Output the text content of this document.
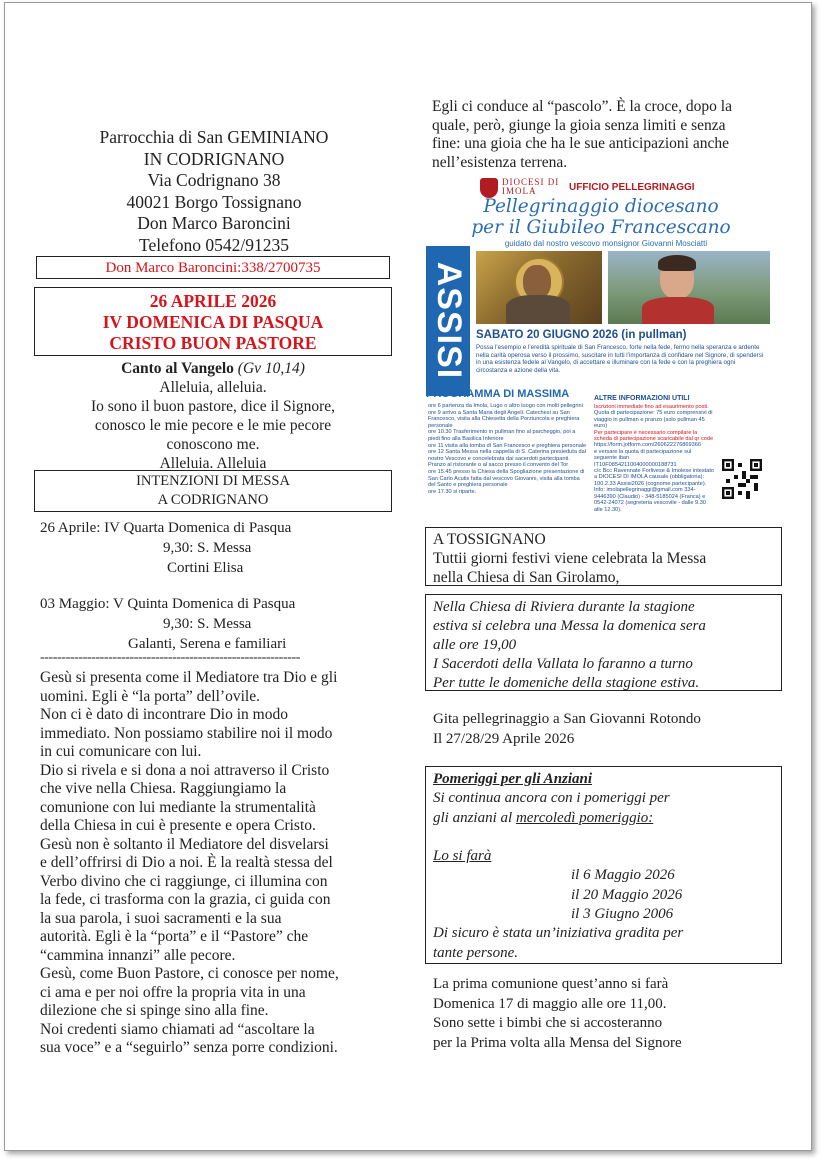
Parrocchia di San GEMINIANO
IN CODRIGNANO
Via Codrignano 38
40021 Borgo Tossignano
Don Marco Baroncini
Telefono 0542/91235
Don Marco Baroncini:338/2700735
26 APRILE 2026
IV DOMENICA DI PASQUA
CRISTO BUON PASTORE
Canto al Vangelo (Gv 10,14)
Alleluia, alleluia.
Io sono il buon pastore, dice il Signore,
conosco le mie pecore e le mie pecore
conoscono me.
Alleluia. Alleluia
INTENZIONI DI MESSA
A CODRIGNANO
26 Aprile: IV Quarta Domenica di Pasqua
9,30: S. Messa
Cortini Elisa
03 Maggio: V Quinta Domenica di Pasqua
9,30: S. Messa
Galanti, Serena e familiari
-------------------------------------------------------------
Gesù si presenta come il Mediatore tra Dio e gli
uomini. Egli è “la porta” dell’ovile.
Non ci è dato di incontrare Dio in modo
immediato. Non possiamo stabilire noi il modo
in cui comunicare con lui.
Dio si rivela e si dona a noi attraverso il Cristo
che vive nella Chiesa. Raggiungiamo la
comunione con lui mediante la strumentalità
della Chiesa in cui è presente e opera Cristo.
Gesù non è soltanto il Mediatore del disvelarsi
e dell’offrirsi di Dio a noi. È la realtà stessa del
Verbo divino che ci raggiunge, ci illumina con
la fede, ci trasforma con la grazia, ci guida con
la sua parola, i suoi sacramenti e la sua
autorità. Egli è la “porta” e il “Pastore” che
“cammina innanzi” alle pecore.
Gesù, come Buon Pastore, ci conosce per nome,
ci ama e per noi offre la propria vita in una
dilezione che si spinge sino alla fine.
Noi credenti siamo chiamati ad “ascoltare la
sua voce” e a “seguirlo” senza porre condizioni.
Egli ci conduce al “pascolo”. È la croce, dopo la
quale, però, giunge la gioia senza limiti e senza
fine: una gioia che ha le sue anticipazioni anche
nell’esistenza terrena.
DIOCESI DI IMOLA	UFFICIO PELLEGRINAGGI
Pellegrinaggio diocesano
per il Giubileo Francescano
guidato dal nostro vescovo monsignor Giovanni Mosciatti
ASSISI SABATO 20 GIUGNO 2026 (in pullman)
Possa l’esempio e l’eredità spirituale di San Francesco, forte nella fede, fermo nella speranza e ardente nella carità operosa verso il prossimo, suscitare in tutti l’importanza di confidare nel Signore, di spendersi in una esistenza fedele al Vangelo, di accettare e illuminare con la fede e con la preghiera ogni circostanza e azione della vita.
PROGRAMMA DI MASSIMA
ore 6 partenza da Imola, Lugo o altro luogo con molti pellegrini
ore 9 arrivo a Santa Maria degli Angeli. Catechesi su San Francesco, visita alla Chiesetta della Porziuncola e preghiera personale
ore 10.30 Trasferimento in pullman fino al parcheggio, poi a piedi fino alla Basilica Inferiore
ore 11 visita alla tomba di San Francesco e preghiera personale
ore 12 Santa Messa nella cappella di S. Caterina presieduta dal nostro Vescovo e concelebrata dai sacerdoti partecipanti. Pranzo al ristorante o al sacco presso il convento del Tor
ore 15.45 presso la Chiesa della Spogliazione presentazione di San Carlo Acutis fatta dal vescovo Giovanni, visita alla tomba del Santo e preghiera personale
ore 17.30 si riparte.
ALTRE INFORMAZIONI UTILI
Iscrizioni immediate fino ad esaurimento posti.
Quota di partecipazione: 75 euro comprensivi di viaggio in pullman e pranzo (solo pullman 45 euro)
Per partecipare è necessario compilare la scheda di partecipazione scaricabile dal qr code
https://form.jotform.com/260622276869366
e versare la quota di partecipazione sul seguente iban
IT10F0854211004000000188731
c/c Bcc Ravennate Forlivese & Imolese intestato a DIOCESI DI IMOLA causale (obbligatoria): 100.2.33 Assisi2026 (cognome partecipante).
Info: imolapellegrinaggi@gmail.com 334-9446390 (Claudio) - 348-5185024 (Franca) e 0542-24072 (segreteria vescovile - dalle 9.30 alle 12.30).
A TOSSIGNANO
Tuttii giorni festivi viene celebrata la Messa
nella Chiesa di San Girolamo,
Nella Chiesa di Riviera durante la stagione
estiva si celebra una Messa la domenica sera
alle ore 19,00
I Sacerdoti della Vallata lo faranno a turno
Per tutte le domeniche della stagione estiva.
Gita pellegrinaggio a San Giovanni Rotondo
Il 27/28/29 Aprile 2026
Pomeriggi per gli Anziani
Si continua ancora con i pomeriggi per
gli anziani al mercoledì pomeriggio:

Lo si farà
il 6 Maggio 2026
il 20 Maggio 2026
il 3 Giugno 2006
Di sicuro è stata un’iniziativa gradita per
tante persone.
La prima comunione quest’anno si farà
Domenica 17 di maggio alle ore 11,00.
Sono sette i bimbi che si accosteranno
per la Prima volta alla Mensa del Signore
